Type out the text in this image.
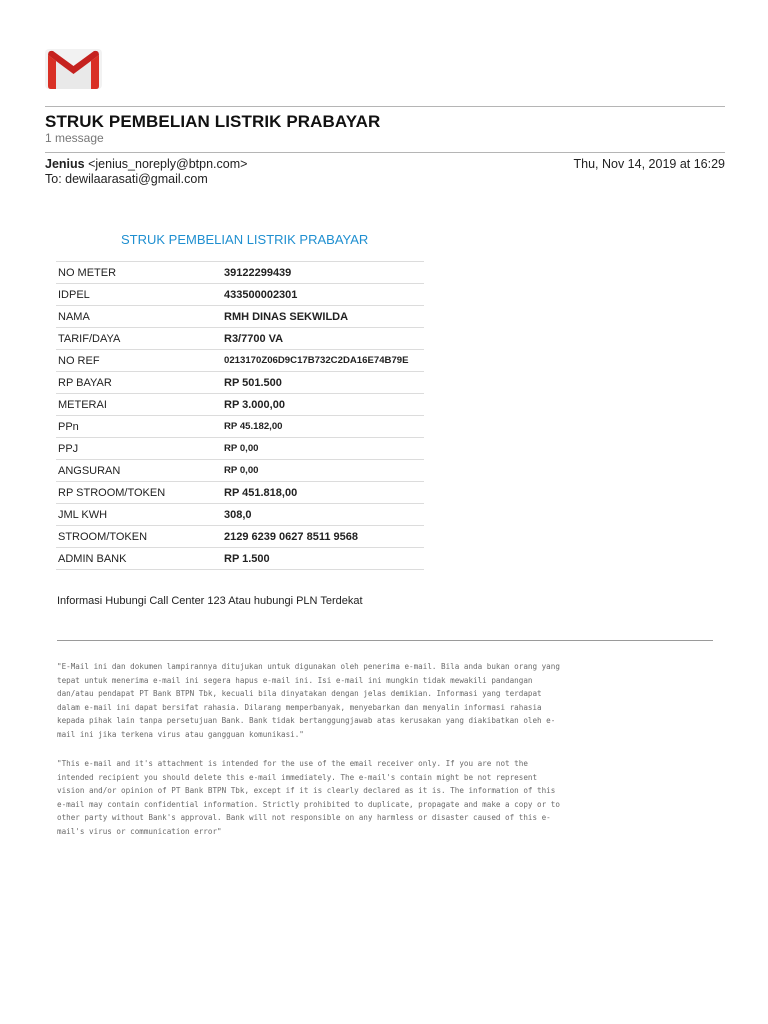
STRUK PEMBELIAN LISTRIK PRABAYAR
1 message
Jenius <jenius_noreply@btpn.com>	Thu, Nov 14, 2019 at 16:29
To: dewilaarasati@gmail.com
STRUK PEMBELIAN LISTRIK PRABAYAR
NO METER	39122299439
IDPEL	433500002301
NAMA	RMH DINAS SEKWILDA
TARIF/DAYA	R3/7700 VA
NO REF	0213170Z06D9C17B732C2DA16E74B79E
RP BAYAR	RP 501.500
METERAI	RP 3.000,00
PPn	RP 45.182,00
PPJ	RP 0,00
ANGSURAN	RP 0,00
RP STROOM/TOKEN	RP 451.818,00
JML KWH	308,0
STROOM/TOKEN	2129 6239 0627 8511 9568
ADMIN BANK	RP 1.500
Informasi Hubungi Call Center 123 Atau hubungi PLN Terdekat
"E-Mail ini dan dokumen lampirannya ditujukan untuk digunakan oleh penerima e-mail. Bila anda bukan orang yang
tepat untuk menerima e-mail ini segera hapus e-mail ini. Isi e-mail ini mungkin tidak mewakili pandangan
dan/atau pendapat PT Bank BTPN Tbk, kecuali bila dinyatakan dengan jelas demikian. Informasi yang terdapat
dalam e-mail ini dapat bersifat rahasia. Dilarang memperbanyak, menyebarkan dan menyalin informasi rahasia
kepada pihak lain tanpa persetujuan Bank. Bank tidak bertanggungjawab atas kerusakan yang diakibatkan oleh e-
mail ini jika terkena virus atau gangguan komunikasi."
"This e-mail and it's attachment is intended for the use of the email receiver only. If you are not the
intended recipient you should delete this e-mail immediately. The e-mail's contain might be not represent
vision and/or opinion of PT Bank BTPN Tbk, except if it is clearly declared as it is. The information of this
e-mail may contain confidential information. Strictly prohibited to duplicate, propagate and make a copy or to
other party without Bank's approval. Bank will not responsible on any harmless or disaster caused of this e-
mail's virus or communication error"
